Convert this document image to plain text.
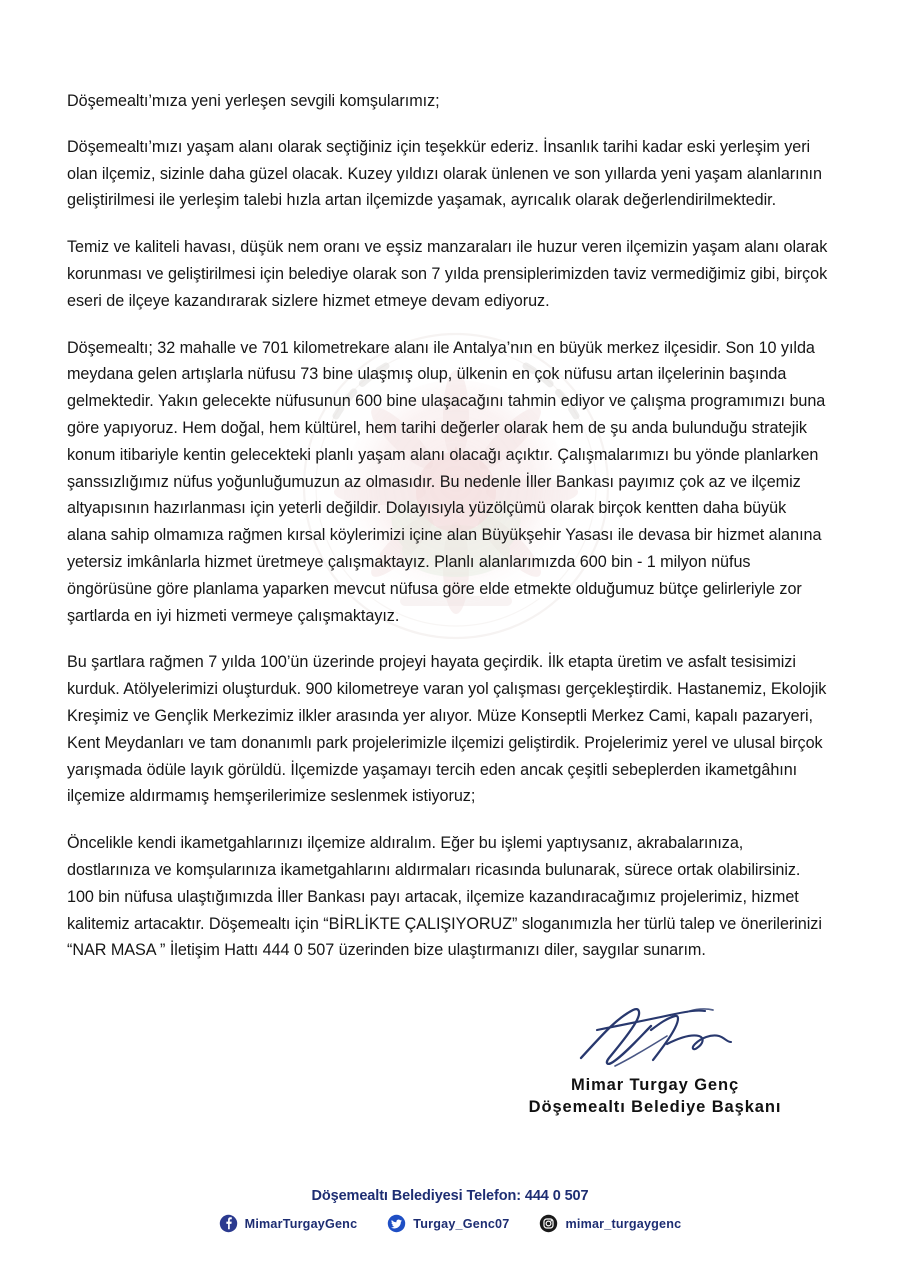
Döşemealtı’mıza yeni yerleşen sevgili komşularımız;

Döşemealtı’mızı yaşam alanı olarak seçtiğiniz için teşekkür ederiz. İnsanlık tarihi kadar eski yerleşim yeri olan ilçemiz, sizinle daha güzel olacak. Kuzey yıldızı olarak ünlenen ve son yıllarda yeni yaşam alanlarının geliştirilmesi ile yerleşim talebi hızla artan ilçemizde yaşamak, ayrıcalık olarak değerlendirilmektedir.

Temiz ve kaliteli havası, düşük nem oranı ve eşsiz manzaraları ile huzur veren ilçemizin yaşam alanı olarak korunması ve geliştirilmesi için belediye olarak son 7 yılda prensiplerimizden taviz vermediğimiz gibi, birçok eseri de ilçeye kazandırarak sizlere hizmet etmeye devam ediyoruz.

Döşemealtı; 32 mahalle ve 701 kilometrekare alanı ile Antalya’nın en büyük merkez ilçesidir. Son 10 yılda meydana gelen artışlarla nüfusu 73 bine ulaşmış olup, ülkenin en çok nüfusu artan ilçelerinin başında gelmektedir. Yakın gelecekte nüfusunun 600 bine ulaşacağını tahmin ediyor ve çalışma programımızı buna göre yapıyoruz. Hem doğal, hem kültürel, hem tarihi değerler olarak hem de şu anda bulunduğu stratejik konum itibariyle kentin gelecekteki planlı yaşam alanı olacağı açıktır. Çalışmalarımızı bu yönde planlarken şanssızlığımız nüfus yoğunluğumuzun az olmasıdır. Bu nedenle İller Bankası payımız çok az ve ilçemiz altyapısının hazırlanması için yeterli değildir. Dolayısıyla yüzölçümü olarak birçok kentten daha büyük alana sahip olmamıza rağmen kırsal köylerimizi içine alan Büyükşehir Yasası ile devasa bir hizmet alanına yetersiz imkânlarla hizmet üretmeye çalışmaktayız. Planlı alanlarımızda 600 bin - 1 milyon nüfus öngörüsüne göre planlama yaparken mevcut nüfusa göre elde etmekte olduğumuz bütçe gelirleriyle zor şartlarda en iyi hizmeti vermeye çalışmaktayız.

Bu şartlara rağmen 7 yılda 100’ün üzerinde projeyi hayata geçirdik. İlk etapta üretim ve asfalt tesisimizi kurduk. Atölyelerimizi oluşturduk. 900 kilometreye varan yol çalışması gerçekleştirdik. Hastanemiz, Ekolojik Kreşimiz ve Gençlik Merkezimiz ilkler arasında yer alıyor. Müze Konseptli Merkez Cami, kapalı pazaryeri, Kent Meydanları ve tam donanımlı park projelerimizle ilçemizi geliştirdik. Projelerimiz yerel ve ulusal birçok yarışmada ödüle layık görüldü. İlçemizde yaşamayı tercih eden ancak çeşitli sebeplerden ikametgâhını ilçemize aldırmamış hemşerilerimize seslenmek istiyoruz;

Öncelikle kendi ikametgahlarınızı ilçemize aldıralım. Eğer bu işlemi yaptıysanız, akrabalarınıza, dostlarınıza ve komşularınıza ikametgahlarını aldırmaları ricasında bulunarak, sürece ortak olabilirsiniz. 100 bin nüfusa ulaştığımızda İller Bankası payı artacak, ilçemize kazandıracağımız projelerimiz, hizmet kalitemiz artacaktır. Döşemealtı için “BİRLİKTE ÇALIŞIYORUZ” sloganımızla her türlü talep ve önerilerinizi “NAR MASA ” İletişim Hattı 444 0 507 üzerinden bize ulaştırmanızı diler, saygılar sunarım.

Mimar Turgay Genç
Döşemealtı Belediye Başkanı
Döşemealtı Belediyesi Telefon: 444 0 507
MimarTurgayGenc	Turgay_Genc07	mimar_turgaygenc
